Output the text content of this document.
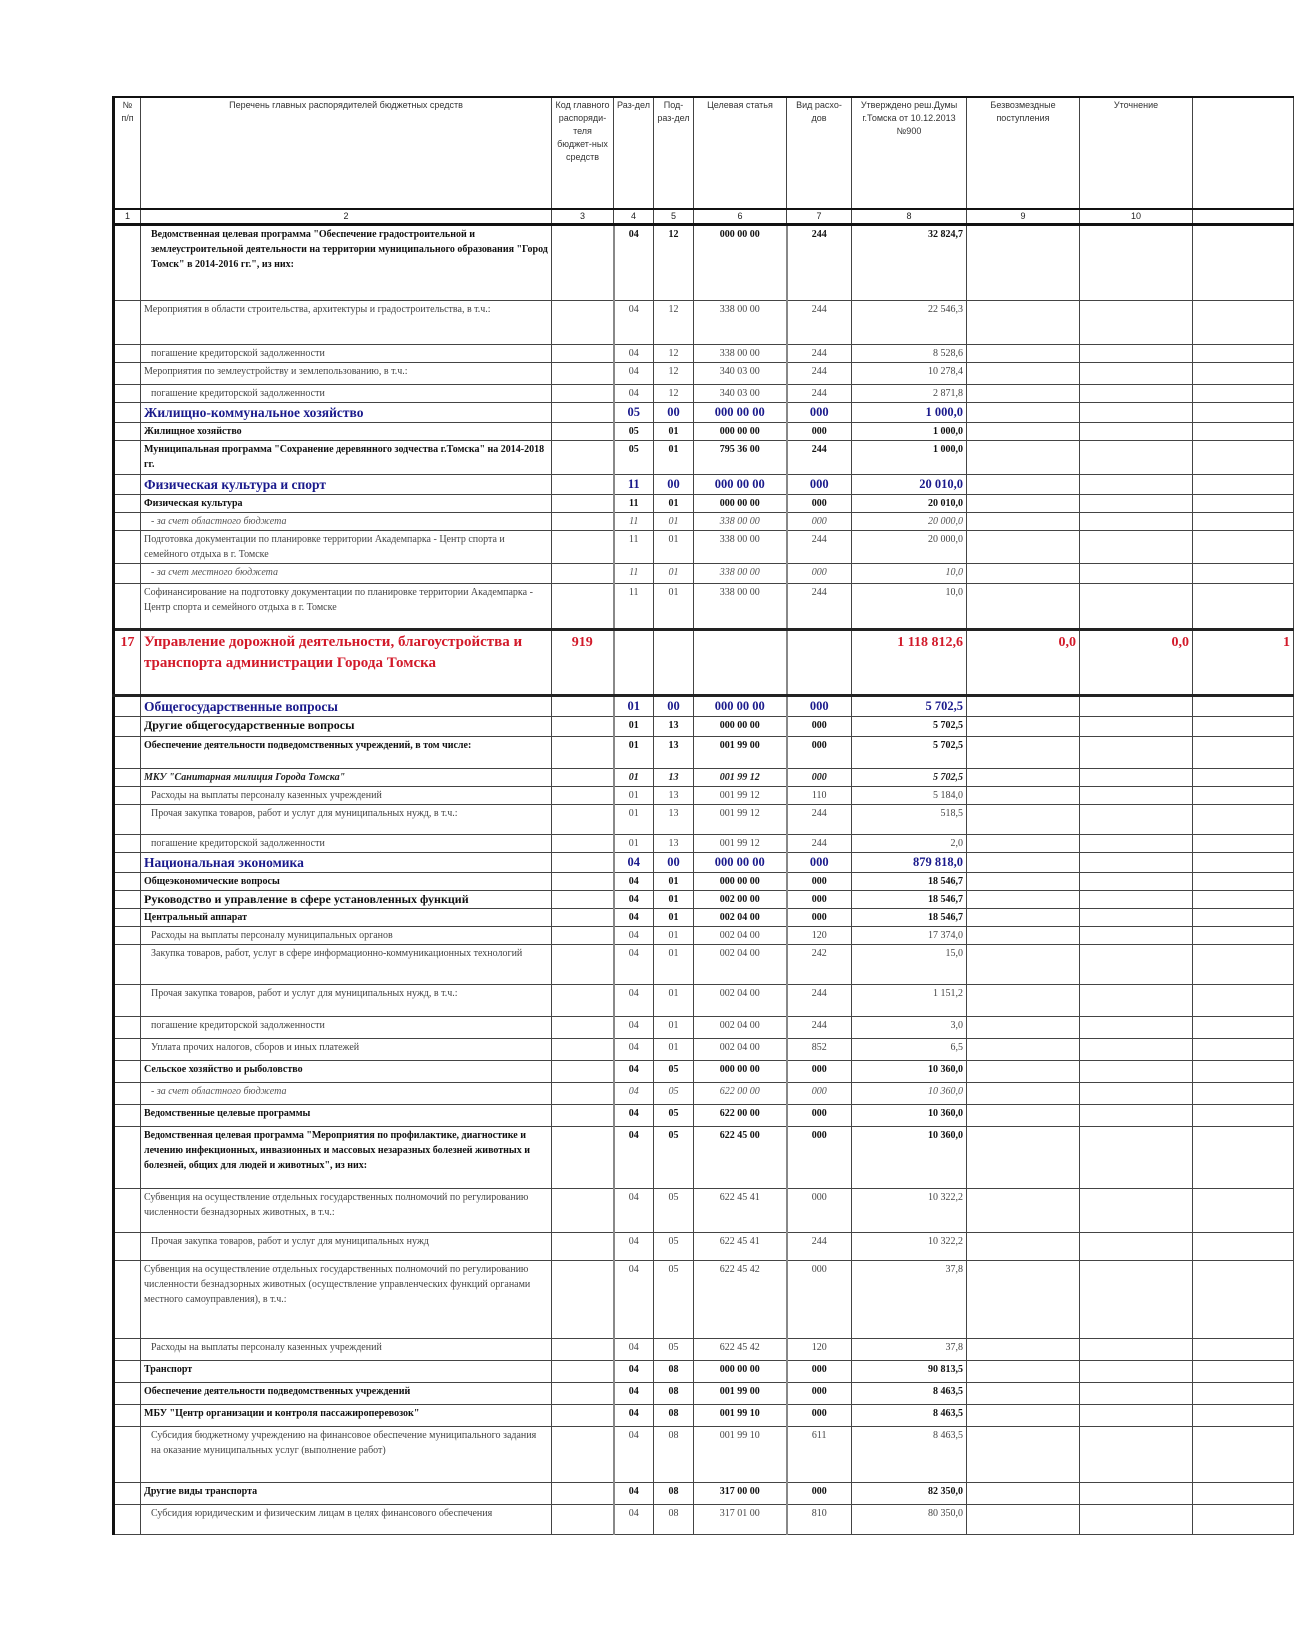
№ п/п	Перечень главных распорядителей бюджетных средств	Код главного распоряди-теля бюджет-ных средств	Раз-дел	Под-раз-дел	Целевая статья	Вид расхо-дов	Утверждено реш.Думы г.Томска от 10.12.2013 №900	Безвозмездные поступления	Уточнение	
1	2	3	4	5	6	7	8	9	10	
	Ведомственная целевая программа "Обеспечение градостроительной и землеустроительной деятельности на территории муниципального образования "Город Томск" в 2014-2016 гг.", из них:		04	12	000 00 00	244	32 824,7			
	Мероприятия в области строительства, архитектуры и градостроительства, в т.ч.:		04	12	338 00 00	244	22 546,3			
	погашение кредиторской задолженности		04	12	338 00 00	244	8 528,6			
	Мероприятия по землеустройству и землепользованию, в т.ч.:		04	12	340 03 00	244	10 278,4			
	погашение кредиторской задолженности		04	12	340 03 00	244	2 871,8			
	Жилищно-коммунальное хозяйство		05	00	000 00 00	000	1 000,0			
	Жилищное хозяйство		05	01	000 00 00	000	1 000,0			
	Муниципальная программа "Сохранение деревянного зодчества г.Томска" на 2014-2018 гг.		05	01	795 36 00	244	1 000,0			
	Физическая культура и спорт		11	00	000 00 00	000	20 010,0			
	Физическая культура		11	01	000 00 00	000	20 010,0			
	- за счет областного бюджета		11	01	338 00 00	000	20 000,0			
	Подготовка документации по планировке территории Академпарка - Центр спорта и семейного отдыха в г. Томске		11	01	338 00 00	244	20 000,0			
	- за счет местного бюджета		11	01	338 00 00	000	10,0			
	Софинансирование на подготовку документации по планировке территории Академпарка - Центр спорта и семейного отдыха в г. Томске		11	01	338 00 00	244	10,0			
17	Управление дорожной деятельности, благоустройства и транспорта администрации Города Томска	919					1 118 812,6	0,0	0,0	1
	Общегосударственные вопросы		01	00	000 00 00	000	5 702,5			
	Другие общегосударственные вопросы		01	13	000 00 00	000	5 702,5			
	Обеспечение деятельности подведомственных учреждений, в том числе:		01	13	001 99 00	000	5 702,5			
	МКУ "Санитарная милиция Города Томска"		01	13	001 99 12	000	5 702,5			
	Расходы на выплаты персоналу казенных учреждений		01	13	001 99 12	110	5 184,0			
	Прочая закупка товаров, работ и услуг для муниципальных нужд, в т.ч.:		01	13	001 99 12	244	518,5			
	погашение кредиторской задолженности		01	13	001 99 12	244	2,0			
	Национальная экономика		04	00	000 00 00	000	879 818,0			
	Общеэкономические вопросы		04	01	000 00 00	000	18 546,7			
	Руководство и управление в сфере установленных функций		04	01	002 00 00	000	18 546,7			
	Центральный аппарат		04	01	002 04 00	000	18 546,7			
	Расходы на выплаты персоналу муниципальных органов		04	01	002 04 00	120	17 374,0			
	Закупка товаров, работ, услуг в сфере информационно-коммуникационных технологий		04	01	002 04 00	242	15,0			
	Прочая закупка товаров, работ и услуг для муниципальных нужд, в т.ч.:		04	01	002 04 00	244	1 151,2			
	погашение кредиторской задолженности		04	01	002 04 00	244	3,0			
	Уплата прочих налогов, сборов и иных платежей		04	01	002 04 00	852	6,5			
	Сельское хозяйство и рыболовство		04	05	000 00 00	000	10 360,0			
	- за счет областного бюджета		04	05	622 00 00	000	10 360,0			
	Ведомственные целевые программы		04	05	622 00 00	000	10 360,0			
	Ведомственная целевая программа "Мероприятия по профилактике, диагностике и лечению инфекционных, инвазионных и массовых незаразных болезней животных и болезней, общих для людей и животных", из них:		04	05	622 45 00	000	10 360,0			
	Субвенция на осуществление отдельных государственных полномочий по регулированию численности безнадзорных животных, в т.ч.:		04	05	622 45 41	000	10 322,2			
	Прочая закупка товаров, работ и услуг для муниципальных нужд		04	05	622 45 41	244	10 322,2			
	Субвенция на осуществление отдельных государственных полномочий по регулированию численности безнадзорных животных (осуществление управленческих функций органами местного самоуправления), в т.ч.:		04	05	622 45 42	000	37,8			
	Расходы на выплаты персоналу казенных учреждений		04	05	622 45 42	120	37,8			
	Транспорт		04	08	000 00 00	000	90 813,5			
	Обеспечение деятельности подведомственных учреждений		04	08	001 99 00	000	8 463,5			
	МБУ "Центр организации и контроля пассажироперевозок"		04	08	001 99 10	000	8 463,5			
	Субсидия бюджетному учреждению на финансовое обеспечение муниципального задания на оказание муниципальных услуг (выполнение работ)		04	08	001 99 10	611	8 463,5			
	Другие виды транспорта		04	08	317 00 00	000	82 350,0			
	Субсидия юридическим и физическим лицам в целях финансового обеспечения		04	08	317 01 00	810	80 350,0			
